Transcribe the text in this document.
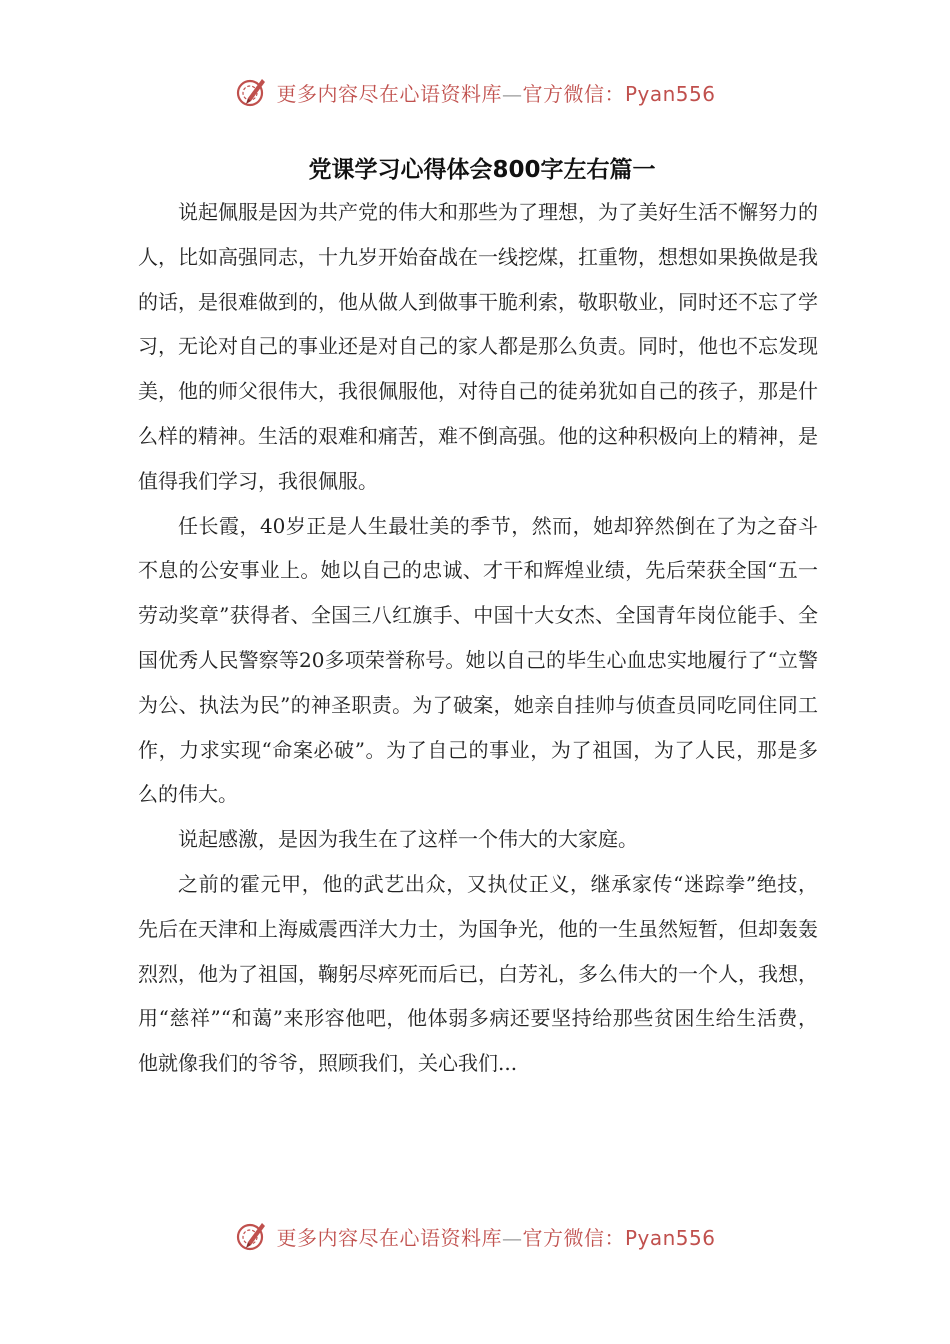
更多内容尽在心语资料库—官方微信：Pyan556
党课学习心得体会800字左右篇一

说起佩服是因为共产党的伟大和那些为了理想，为了美好生活不懈努力的人，比如高强同志，十九岁开始奋战在一线挖煤，扛重物，想想如果换做是我的话，是很难做到的，他从做人到做事干脆利索，敬职敬业，同时还不忘了学习，无论对自己的事业还是对自己的家人都是那么负责。同时，他也不忘发现美，他的师父很伟大，我很佩服他，对待自己的徒弟犹如自己的孩子，那是什么样的精神。生活的艰难和痛苦，难不倒高强。他的这种积极向上的精神，是值得我们学习，我很佩服。

任长霞，40岁正是人生最壮美的季节，然而，她却猝然倒在了为之奋斗不息的公安事业上。她以自己的忠诚、才干和辉煌业绩，先后荣获全国“五一劳动奖章”获得者、全国三八红旗手、中国十大女杰、全国青年岗位能手、全国优秀人民警察等20多项荣誉称号。她以自己的毕生心血忠实地履行了“立警为公、执法为民”的神圣职责。为了破案，她亲自挂帅与侦查员同吃同住同工作，力求实现“命案必破”。为了自己的事业，为了祖国，为了人民，那是多么的伟大。

说起感激，是因为我生在了这样一个伟大的大家庭。

之前的霍元甲，他的武艺出众，又执仗正义，继承家传“迷踪拳”绝技，先后在天津和上海威震西洋大力士，为国争光，他的一生虽然短暂，但却轰轰烈烈，他为了祖国，鞠躬尽瘁死而后已，白芳礼，多么伟大的一个人，我想，用“慈祥”“和蔼”来形容他吧，他体弱多病还要坚持给那些贫困生给生活费，他就像我们的爷爷，照顾我们，关心我们...

更多内容尽在心语资料库—官方微信：Pyan556
